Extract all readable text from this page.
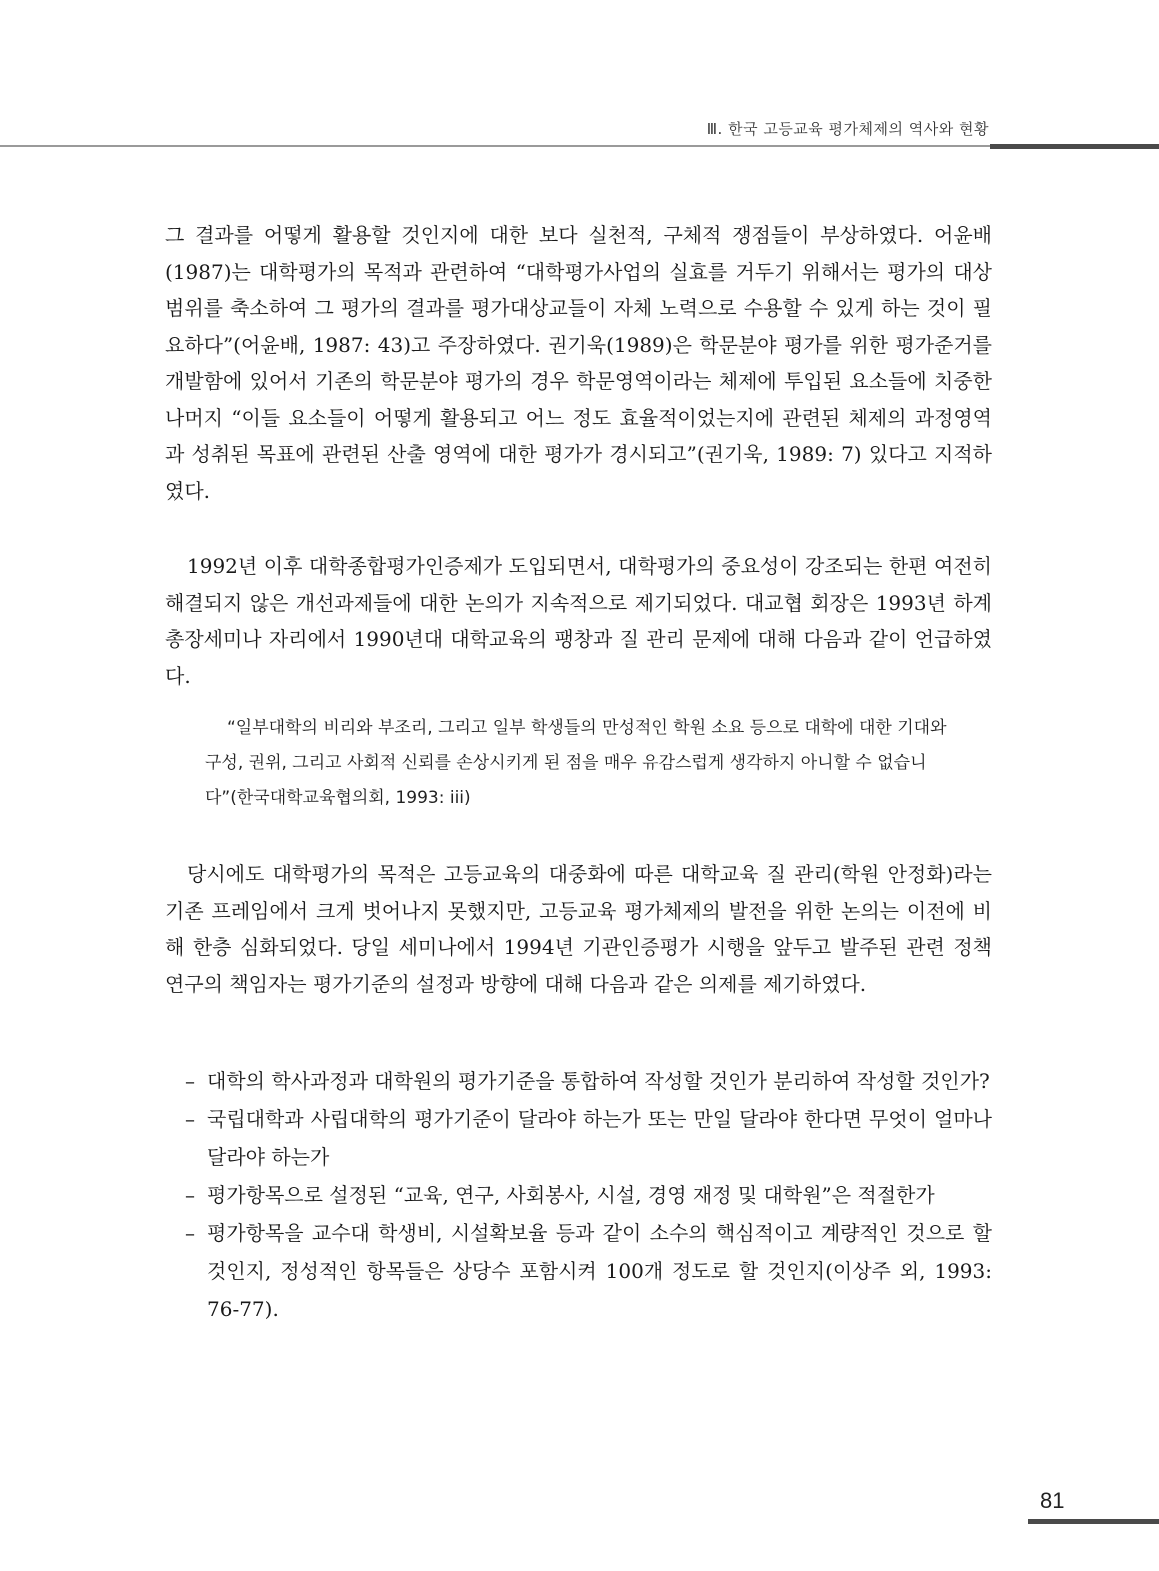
Ⅲ. 한국 고등교육 평가체제의 역사와 현황

그 결과를 어떻게 활용할 것인지에 대한 보다 실천적, 구체적 쟁점들이 부상하였다. 어윤배(1987)는 대학평가의 목적과 관련하여 “대학평가사업의 실효를 거두기 위해서는 평가의 대상범위를 축소하여 그 평가의 결과를 평가대상교들이 자체 노력으로 수용할 수 있게 하는 것이 필요하다”(어윤배, 1987: 43)고 주장하였다. 권기욱(1989)은 학문분야 평가를 위한 평가준거를 개발함에 있어서 기존의 학문분야 평가의 경우 학문영역이라는 체제에 투입된 요소들에 치중한 나머지 “이들 요소들이 어떻게 활용되고 어느 정도 효율적이었는지에 관련된 체제의 과정영역과 성취된 목표에 관련된 산출 영역에 대한 평가가 경시되고”(권기욱, 1989: 7) 있다고 지적하였다.

1992년 이후 대학종합평가인증제가 도입되면서, 대학평가의 중요성이 강조되는 한편 여전히 해결되지 않은 개선과제들에 대한 논의가 지속적으로 제기되었다. 대교협 회장은 1993년 하계 총장세미나 자리에서 1990년대 대학교육의 팽창과 질 관리 문제에 대해 다음과 같이 언급하였다.

“일부대학의 비리와 부조리, 그리고 일부 학생들의 만성적인 학원 소요 등으로 대학에 대한 기대와 구성, 권위, 그리고 사회적 신뢰를 손상시키게 된 점을 매우 유감스럽게 생각하지 아니할 수 없습니다”(한국대학교육협의회, 1993: iii)

당시에도 대학평가의 목적은 고등교육의 대중화에 따른 대학교육 질 관리(학원 안정화)라는 기존 프레임에서 크게 벗어나지 못했지만, 고등교육 평가체제의 발전을 위한 논의는 이전에 비해 한층 심화되었다. 당일 세미나에서 1994년 기관인증평가 시행을 앞두고 발주된 관련 정책 연구의 책임자는 평가기준의 설정과 방향에 대해 다음과 같은 의제를 제기하였다.

– 대학의 학사과정과 대학원의 평가기준을 통합하여 작성할 것인가 분리하여 작성할 것인가?
– 국립대학과 사립대학의 평가기준이 달라야 하는가 또는 만일 달라야 한다면 무엇이 얼마나 달라야 하는가
– 평가항목으로 설정된 “교육, 연구, 사회봉사, 시설, 경영 재정 및 대학원”은 적절한가
– 평가항목을 교수대 학생비, 시설확보율 등과 같이 소수의 핵심적이고 계량적인 것으로 할 것인지, 정성적인 항목들은 상당수 포함시켜 100개 정도로 할 것인지(이상주 외, 1993: 76-77).
81
